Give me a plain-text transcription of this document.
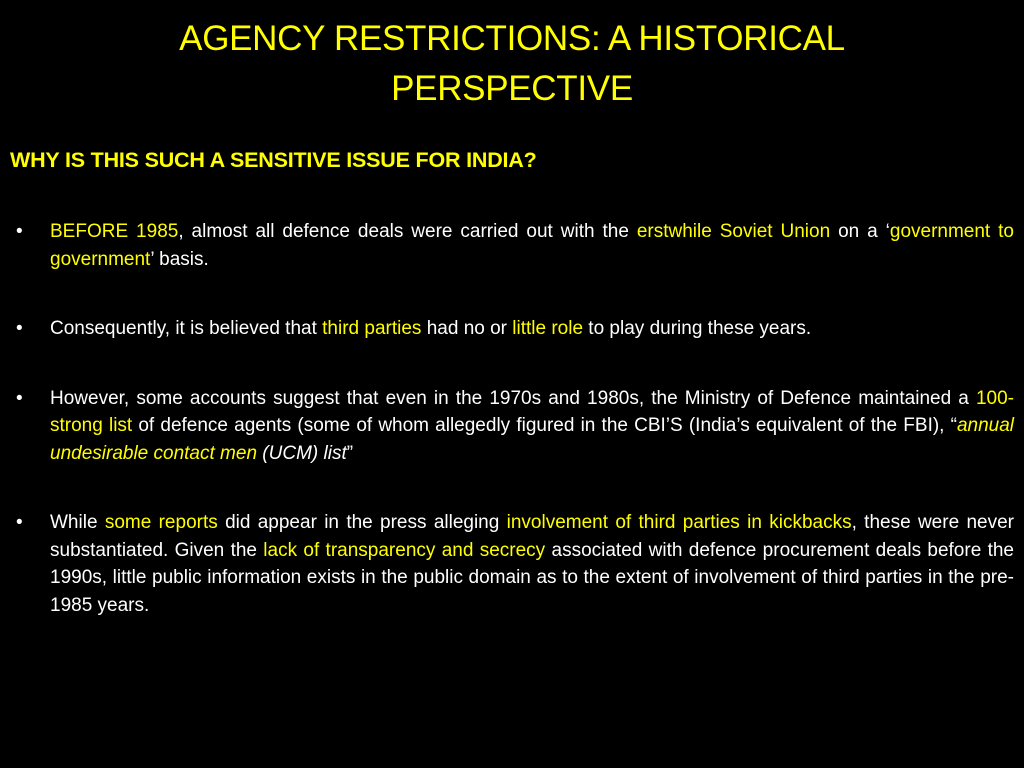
AGENCY RESTRICTIONS: A HISTORICAL
PERSPECTIVE
WHY IS THIS SUCH A SENSITIVE ISSUE FOR INDIA?
• BEFORE 1985, almost all defence deals were carried out with the erstwhile Soviet Union on a ‘government to government’ basis.
• Consequently, it is believed that third parties had no or little role to play during these years.
• However, some accounts suggest that even in the 1970s and 1980s, the Ministry of Defence maintained a 100-strong list of defence agents (some of whom allegedly figured in the CBI’S (India’s equivalent of the FBI), “annual undesirable contact men (UCM) list”
• While some reports did appear in the press alleging involvement of third parties in kickbacks, these were never substantiated. Given the lack of transparency and secrecy associated with defence procurement deals before the 1990s, little public information exists in the public domain as to the extent of involvement of third parties in the pre-1985 years.
